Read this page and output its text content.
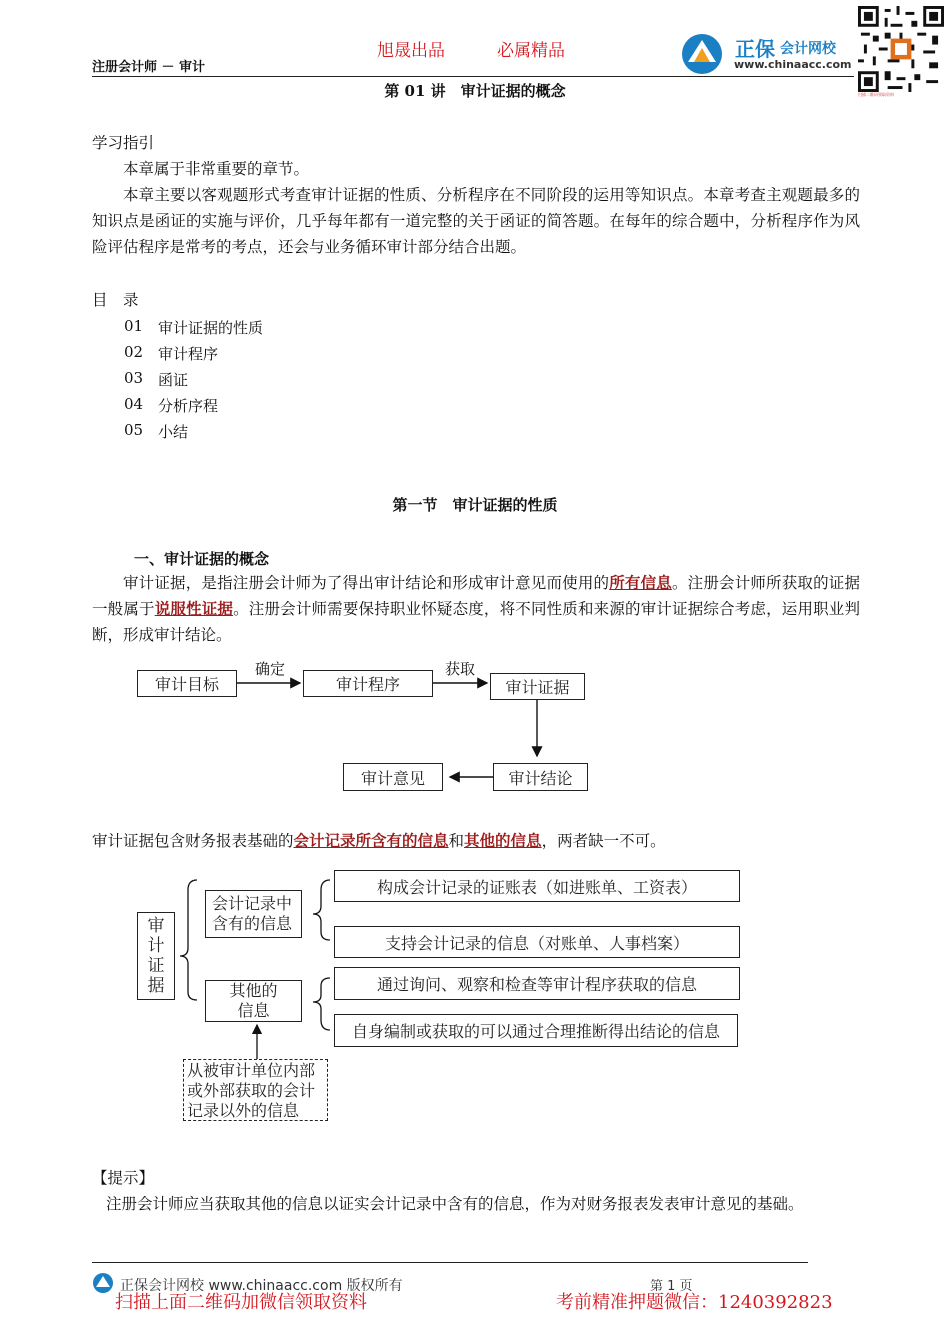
注册会计师 － 审计
旭晟出品	必属精品	正保 会计网校
www.chinaacc.com
扫描二维码领取资料
第 01 讲　审计证据的概念
学习指引
本章属于非常重要的章节。
本章主要以客观题形式考查审计证据的性质、分析程序在不同阶段的运用等知识点。本章考查主观题最多的知识点是函证的实施与评价，几乎每年都有一道完整的关于函证的简答题。在每年的综合题中，分析程序作为风险评估程序是常考的考点，还会与业务循环审计部分结合出题。
目　录
01 审计证据的性质
02 审计程序
03 函证
04 分析序程
05 小结
第一节　审计证据的性质
一、审计证据的概念
审计证据，是指注册会计师为了得出审计结论和形成审计意见而使用的所有信息。注册会计师所获取的证据一般属于说服性证据。注册会计师需要保持职业怀疑态度，将不同性质和来源的审计证据综合考虑，运用职业判断，形成审计结论。
审计目标
确定
审计程序
获取
审计证据
审计结论
审计意见
审计证据包含财务报表基础的会计记录所含有的信息和其他的信息，两者缺一不可。
审计证据
会计记录中含有的信息
其他的信息
构成会计记录的证账表（如进账单、工资表）
支持会计记录的信息（对账单、人事档案）
通过询问、观察和检查等审计程序获取的信息
自身编制或获取的可以通过合理推断得出结论的信息
从被审计单位内部或外部获取的会计记录以外的信息
【提示】
注册会计师应当获取其他的信息以证实会计记录中含有的信息，作为对财务报表发表审计意见的基础。
正保会计网校 www.chinaacc.com 版权所有	第 1 页
扫描上面二维码加微信领取资料	考前精准押题微信：1240392823
